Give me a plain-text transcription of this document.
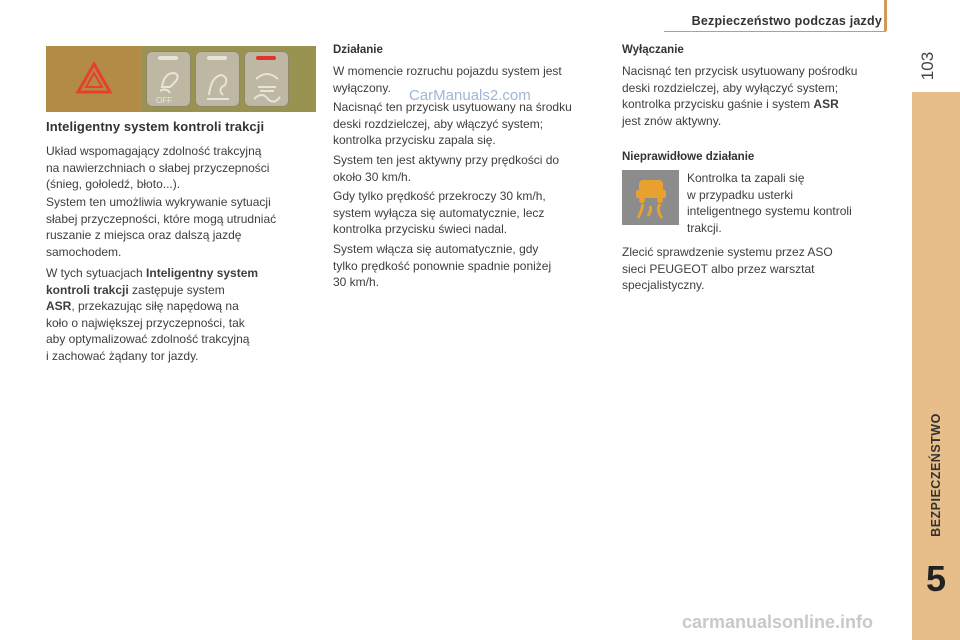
Bezpieczeństwo podczas jazdy
103
BEZPIECZEŃSTWO
5
OFF
Inteligentny system kontroli trakcji
Układ wspomagający zdolność trakcyjną
na nawierzchniach o słabej przyczepności
(śnieg, gołoledź, błoto...).
System ten umożliwia wykrywanie sytuacji
słabej przyczepności, które mogą utrudniać
ruszanie z miejsca oraz dalszą jazdę
samochodem.
W tych sytuacjach Inteligentny system
kontroli trakcji zastępuje system
ASR, przekazując siłę napędową na
koło o największej przyczepności, tak
aby optymalizować zdolność trakcyjną
i zachować żądany tor jazdy.
Działanie
W momencie rozruchu pojazdu system jest
wyłączony.
Nacisnąć ten przycisk usytuowany na środku
deski rozdzielczej, aby włączyć system;
kontrolka przycisku zapala się.
System ten jest aktywny przy prędkości do
około 30 km/h.
Gdy tylko prędkość przekroczy 30 km/h,
system wyłącza się automatycznie, lecz
kontrolka przycisku świeci nadal.
System włącza się automatycznie, gdy
tylko prędkość ponownie spadnie poniżej
30 km/h.
Wyłączanie
Nacisnąć ten przycisk usytuowany pośrodku
deski rozdzielczej, aby wyłączyć system;
kontrolka przycisku gaśnie i system ASR
jest znów aktywny.
Nieprawidłowe działanie
Kontrolka ta zapali się
w przypadku usterki
inteligentnego systemu kontroli
trakcji.
Zlecić sprawdzenie systemu przez ASO
sieci PEUGEOT albo przez warsztat
specjalistyczny.
CarManuals2.com
carmanualsonline.info
